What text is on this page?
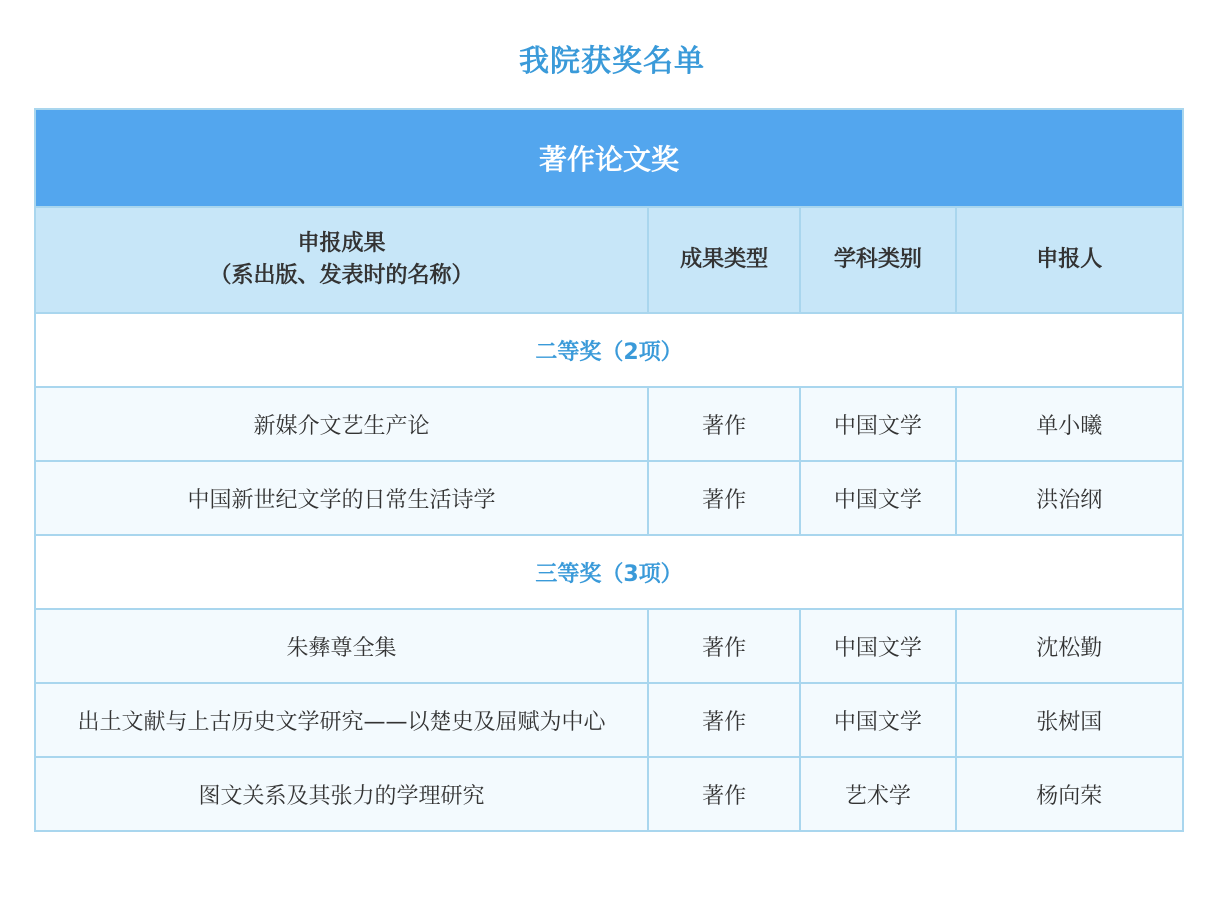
我院获奖名单
著作论文奖			

申报成果
（系出版、发表时的名称）	成果类型	学科类别	申报人
二等奖（2项）			
新媒介文艺生产论	著作	中国文学	单小曦
中国新世纪文学的日常生活诗学	著作	中国文学	洪治纲
三等奖（3项）			
朱彝尊全集	著作	中国文学	沈松勤
出土文献与上古历史文学研究——以楚史及屈赋为中心	著作	中国文学	张树国
图文关系及其张力的学理研究	著作	艺术学	杨向荣
